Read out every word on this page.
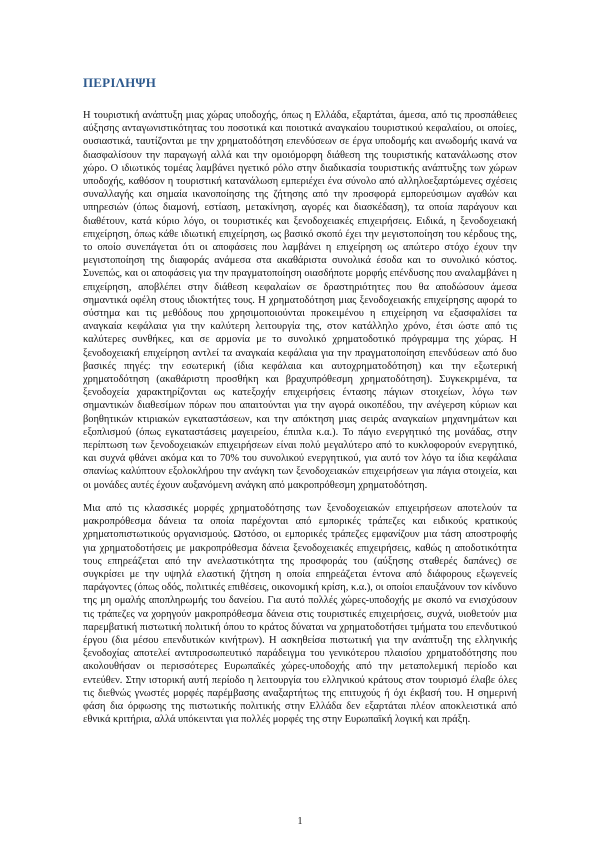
ΠΕΡΙΛΗΨΗ

Η τουριστική ανάπτυξη μιας χώρας υποδοχής, όπως η Ελλάδα, εξαρτάται, άμεσα, από τις προσπάθειες αύξησης ανταγωνιστικότητας του ποσοτικά και ποιοτικά αναγκαίου τουριστικού κεφαλαίου, οι οποίες, ουσιαστικά, ταυτίζονται με την χρηματοδότηση επενδύσεων σε έργα υποδομής και ανωδομής ικανά να διασφαλίσουν την παραγωγή αλλά και την ομοιόμορφη διάθεση της τουριστικής κατανάλωσης στον χώρο. Ο ιδιωτικός τομέας λαμβάνει ηγετικό ρόλο στην διαδικασία τουριστικής ανάπτυξης των χώρων υποδοχής, καθόσον η τουριστική κατανάλωση εμπεριέχει ένα σύνολο από αλληλοεξαρτώμενες σχέσεις συναλλαγής και σημαία ικανοποίησης της ζήτησης από την προσφορά εμπορεύσιμων αγαθών και υπηρεσιών (όπως διαμονή, εστίαση, μετακίνηση, αγορές και διασκέδαση), τα οποία παράγουν και διαθέτουν, κατά κύριο λόγο, οι τουριστικές και ξενοδοχειακές επιχειρήσεις. Ειδικά, η ξενοδοχειακή επιχείρηση, όπως κάθε ιδιωτική επιχείρηση, ως βασικό σκοπό έχει την μεγιστοποίηση του κέρδους της, το οποίο συνεπάγεται ότι οι αποφάσεις που λαμβάνει η επιχείρηση ως απώτερο στόχο έχουν την μεγιστοποίηση της διαφοράς ανάμεσα στα ακαθάριστα συνολικά έσοδα και το συνολικό κόστος. Συνεπώς, και οι αποφάσεις για την πραγματοποίηση οιασδήποτε μορφής επένδυσης που αναλαμβάνει η επιχείρηση, αποβλέπει στην διάθεση κεφαλαίων σε δραστηριότητες που θα αποδώσουν άμεσα σημαντικά οφέλη στους ιδιοκτήτες τους. Η χρηματοδότηση μιας ξενοδοχειακής επιχείρησης αφορά το σύστημα και τις μεθόδους που χρησιμοποιούνται προκειμένου η επιχείρηση να εξασφαλίσει τα αναγκαία κεφάλαια για την καλύτερη λειτουργία της, στον κατάλληλο χρόνο, έτσι ώστε από τις καλύτερες συνθήκες, και σε αρμονία με το συνολικό χρηματοδοτικό πρόγραμμα της χώρας. Η ξενοδοχειακή επιχείρηση αντλεί τα αναγκαία κεφάλαια για την πραγματοποίηση επενδύσεων από δυο βασικές πηγές: την εσωτερική (ίδια κεφάλαια και αυτοχρηματοδότηση) και την εξωτερική χρηματοδότηση (ακαθάριστη προσθήκη και βραχυπρόθεσμη χρηματοδότηση). Συγκεκριμένα, τα ξενοδοχεία χαρακτηρίζονται ως κατεξοχήν επιχειρήσεις έντασης πάγιων στοιχείων, λόγω των σημαντικών διαθεσίμων πόρων που απαιτούνται για την αγορά οικοπέδου, την ανέγερση κύριων και βοηθητικών κτιριακών εγκαταστάσεων, και την απόκτηση μιας σειράς αναγκαίων μηχανημάτων και εξοπλισμού (όπως εγκαταστάσεις μαγειρείου, έπιπλα κ.α.). Το πάγιο ενεργητικό της μονάδας, στην περίπτωση των ξενοδοχειακών επιχειρήσεων είναι πολύ μεγαλύτερο από το κυκλοφορούν ενεργητικό, και συχνά φθάνει ακόμα και το 70% του συνολικού ενεργητικού, για αυτό τον λόγο τα ίδια κεφάλαια σπανίως καλύπτουν εξολοκλήρου την ανάγκη των ξενοδοχειακών επιχειρήσεων για πάγια στοιχεία, και οι μονάδες αυτές έχουν αυξανόμενη ανάγκη από μακροπρόθεσμη χρηματοδότηση.

Μια από τις κλασσικές μορφές χρηματοδότησης των ξενοδοχειακών επιχειρήσεων αποτελούν τα μακροπρόθεσμα δάνεια τα οποία παρέχονται από εμπορικές τράπεζες και ειδικούς κρατικούς χρηματοπιστωτικούς οργανισμούς. Ωστόσο, οι εμπορικές τράπεζες εμφανίζουν μια τάση αποστροφής για χρηματοδοτήσεις με μακροπρόθεσμα δάνεια ξενοδοχειακές επιχειρήσεις, καθώς η αποδοτικότητα τους επηρεάζεται από την ανελαστικότητα της προσφοράς του (αύξησης σταθερές δαπάνες) σε συγκρίσει με την υψηλά ελαστική ζήτηση η οποία επηρεάζεται έντονα από διάφορους εξωγενείς παράγοντες (όπως οδός, πολιτικές επιθέσεις, οικονομική κρίση, κ.α.), οι οποίοι επαυξάνουν τον κίνδυνο της μη ομαλής αποπληρωμής του δανείου. Για αυτό πολλές χώρες-υποδοχής με σκοπό να ενισχύσουν τις τράπεζες να χορηγούν μακροπρόθεσμα δάνεια στις τουριστικές επιχειρήσεις, συχνά, υιοθετούν μια παρεμβατική πιστωτική πολιτική όπου το κράτος δύναται να χρηματοδοτήσει τμήματα του επενδυτικού έργου (δια μέσου επενδυτικών κινήτρων). Η ασκηθείσα πιστωτική για την ανάπτυξη της ελληνικής ξενοδοχίας αποτελεί αντιπροσωπευτικό παράδειγμα του γενικότερου πλαισίου χρηματοδότησης που ακολουθήσαν οι περισσότερες Ευρωπαϊκές χώρες-υποδοχής από την μεταπολεμική περίοδο και εντεύθεν. Στην ιστορική αυτή περίοδο η λειτουργία του ελληνικού κράτους στον τουρισμό έλαβε όλες τις διεθνώς γνωστές μορφές παρέμβασης αναξαρτήτως της επιτυχούς ή όχι έκβασή του. Η σημερινή φάση δια όρφωσης της πιστωτικής πολιτικής στην Ελλάδα δεν εξαρτάται πλέον αποκλειστικά από εθνικά κριτήρια, αλλά υπόκεινται για πολλές μορφές της στην Ευρωπαϊκή λογική και πράξη.

1
